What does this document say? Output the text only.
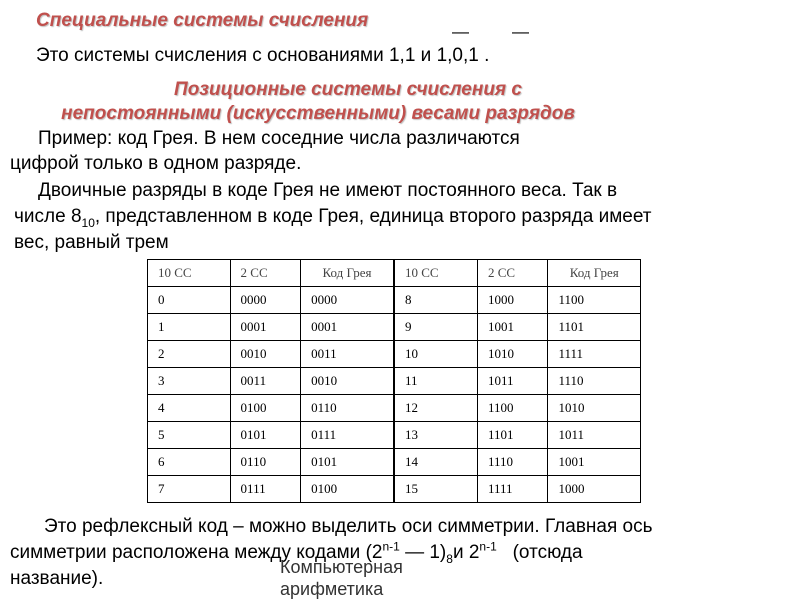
Специальные системы счисления
—	—
Это системы счисления с основаниями 1,1 и 1,0,1 .
Позиционные системы счисления с
непостоянными (искусственными) весами разрядов
Пример: код Грея. В нем соседние числа различаются
цифрой только в одном разряде.
Двоичные разряды в коде Грея не имеют постоянного веса. Так в
числе $8_{10}$, представленном в коде Грея, единица второго разряда имеет
вес, равный трем
10 СС	2 СС	Код Грея	10 СС	2 СС	Код Грея
0	0000	0000	8	1000	1100
1	0001	0001	9	1001	1101
2	0010	0011	10	1010	1111
3	0011	0010	11	1011	1110
4	0100	0110	12	1100	1010
5	0101	0111	13	1101	1011
6	0110	0101	14	1110	1001
7	0111	0100	15	1111	1000
Это рефлексный код – можно выделить оси симметрии. Главная ось
симметрии расположена между кодами (2$^{n-1}$ — $1)_8и$ 2$^{n-1}$   (отсюда
название).
Компьютерная
арифметика
